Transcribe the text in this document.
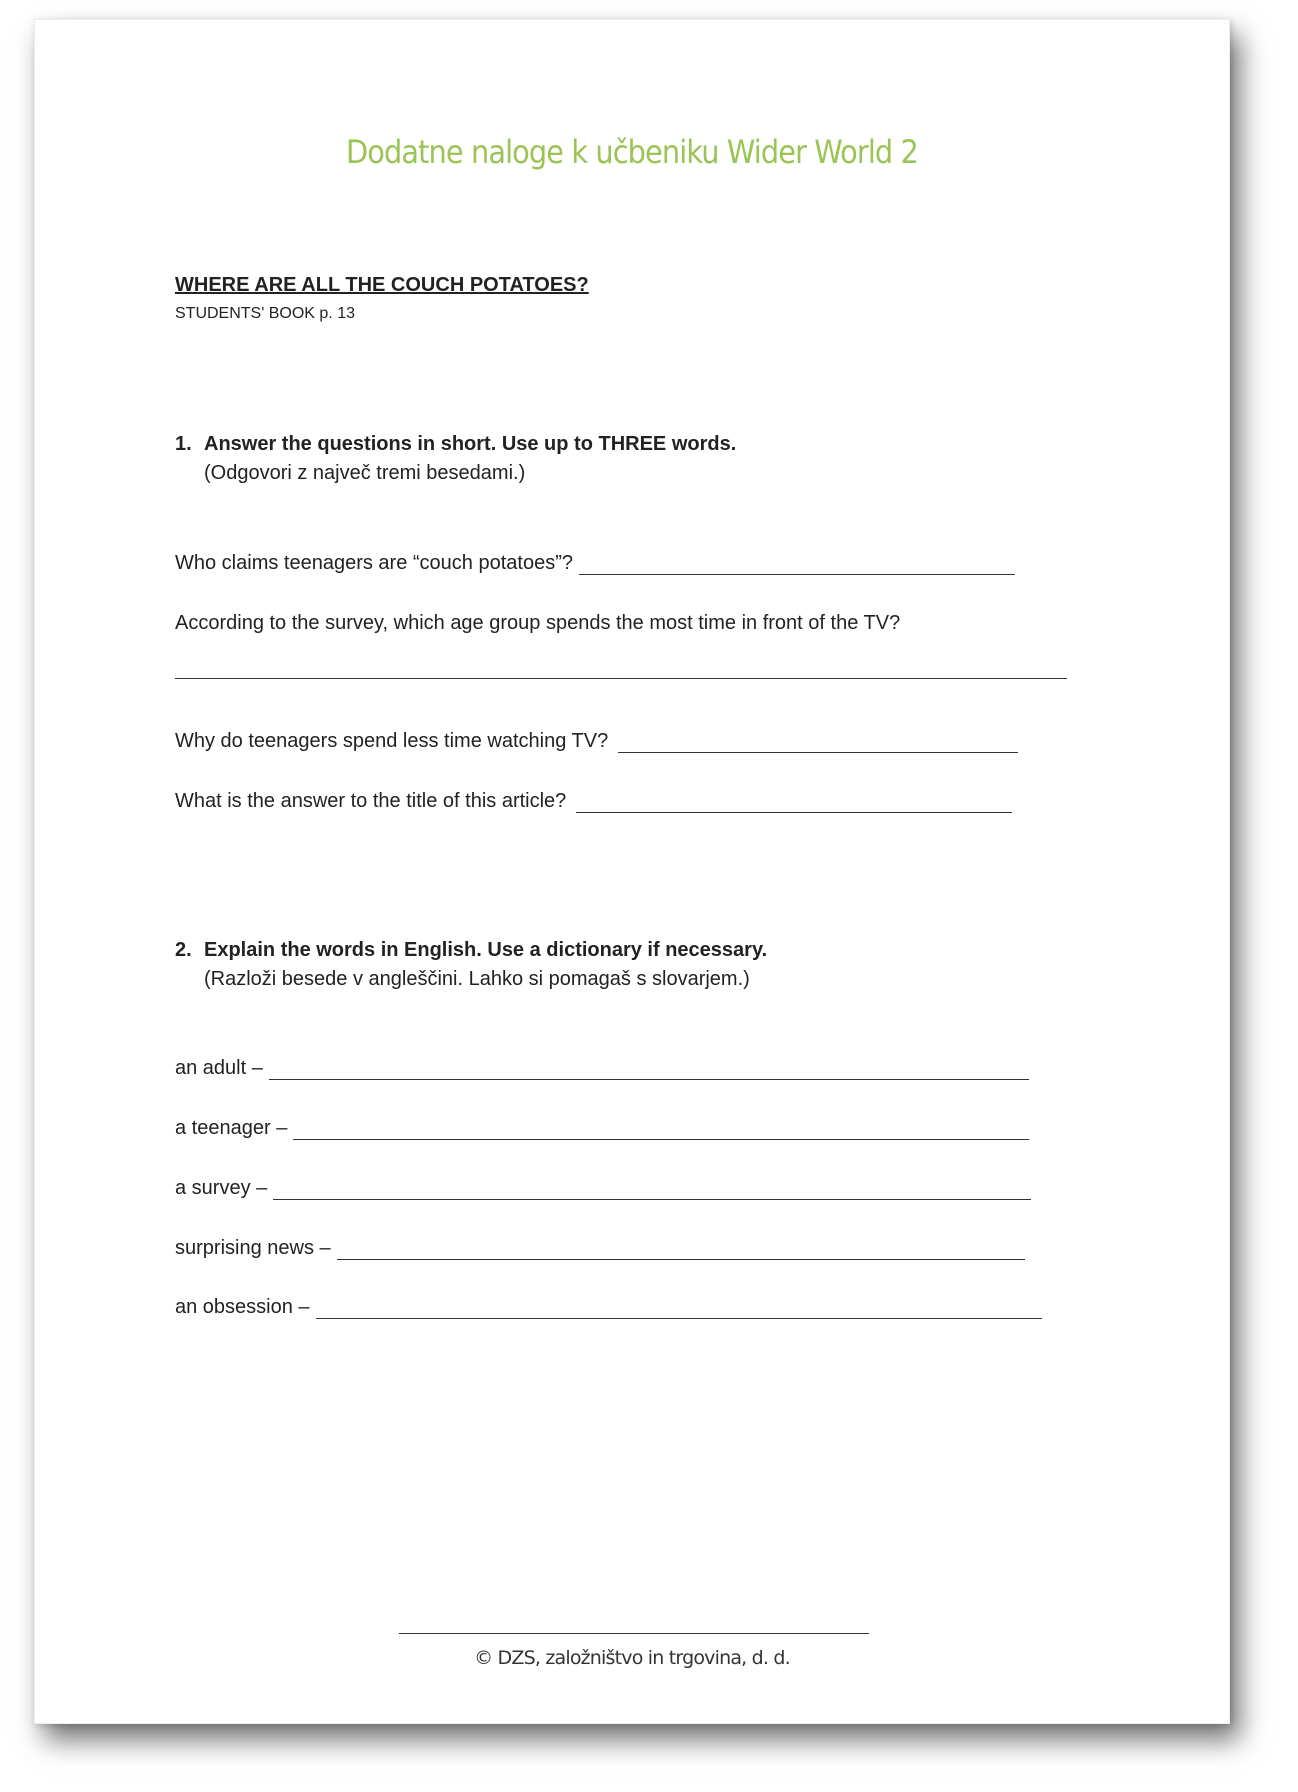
Dodatne naloge k učbeniku Wider World 2
WHERE ARE ALL THE COUCH POTATOES?
STUDENTS' BOOK p. 13
1. Answer the questions in short. Use up to THREE words.
(Odgovori z največ tremi besedami.)
Who claims teenagers are “couch potatoes”?
According to the survey, which age group spends the most time in front of the TV?
Why do teenagers spend less time watching TV?
What is the answer to the title of this article?
2. Explain the words in English. Use a dictionary if necessary.
(Razloži besede v angleščini. Lahko si pomagaš s slovarjem.)
an adult –
a teenager –
a survey –
surprising news –
an obsession –
© DZS, založništvo in trgovina, d. d.
